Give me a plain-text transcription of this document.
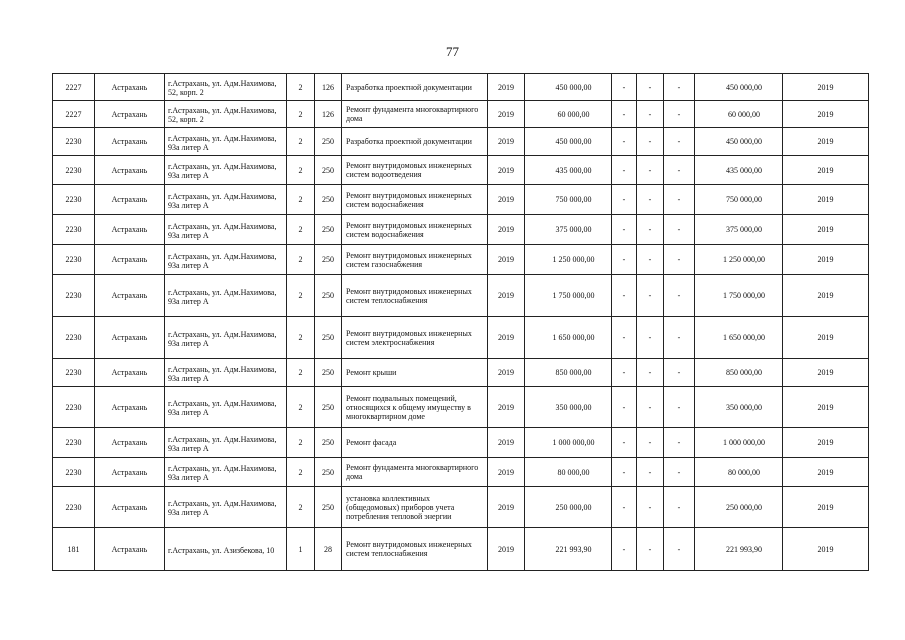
77
2227	Астрахань	г.Астрахань, ул. Адм.Нахимова, 52, корп. 2	2	126	Разработка проектной документации	2019	450 000,00	-	-	-	450 000,00	2019
2227	Астрахань	г.Астрахань, ул. Адм.Нахимова, 52, корп. 2	2	126	Ремонт фундамента многоквартирного дома	2019	60 000,00	-	-	-	60 000,00	2019
2230	Астрахань	г.Астрахань, ул. Адм.Нахимова, 93а литер А	2	250	Разработка проектной документации	2019	450 000,00	-	-	-	450 000,00	2019
2230	Астрахань	г.Астрахань, ул. Адм.Нахимова, 93а литер А	2	250	Ремонт внутридомовых инженерных систем водоотведения	2019	435 000,00	-	-	-	435 000,00	2019
2230	Астрахань	г.Астрахань, ул. Адм.Нахимова, 93а литер А	2	250	Ремонт внутридомовых инженерных систем водоснабжения	2019	750 000,00	-	-	-	750 000,00	2019
2230	Астрахань	г.Астрахань, ул. Адм.Нахимова, 93а литер А	2	250	Ремонт внутридомовых инженерных систем водоснабжения	2019	375 000,00	-	-	-	375 000,00	2019
2230	Астрахань	г.Астрахань, ул. Адм.Нахимова, 93а литер А	2	250	Ремонт внутридомовых инженерных систем газоснабжения	2019	1 250 000,00	-	-	-	1 250 000,00	2019
2230	Астрахань	г.Астрахань, ул. Адм.Нахимова, 93а литер А	2	250	Ремонт внутридомовых инженерных систем теплоснабжения	2019	1 750 000,00	-	-	-	1 750 000,00	2019
2230	Астрахань	г.Астрахань, ул. Адм.Нахимова, 93а литер А	2	250	Ремонт внутридомовых инженерных систем электроснабжения	2019	1 650 000,00	-	-	-	1 650 000,00	2019
2230	Астрахань	г.Астрахань, ул. Адм.Нахимова, 93а литер А	2	250	Ремонт крыши	2019	850 000,00	-	-	-	850 000,00	2019
2230	Астрахань	г.Астрахань, ул. Адм.Нахимова, 93а литер А	2	250	Ремонт подвальных помещений, относящихся к общему имуществу в многоквартирном доме	2019	350 000,00	-	-	-	350 000,00	2019
2230	Астрахань	г.Астрахань, ул. Адм.Нахимова, 93а литер А	2	250	Ремонт фасада	2019	1 000 000,00	-	-	-	1 000 000,00	2019
2230	Астрахань	г.Астрахань, ул. Адм.Нахимова, 93а литер А	2	250	Ремонт фундамента многоквартирного дома	2019	80 000,00	-	-	-	80 000,00	2019
2230	Астрахань	г.Астрахань, ул. Адм.Нахимова, 93а литер А	2	250	установка коллективных (общедомовых) приборов учета потребления тепловой энергии	2019	250 000,00	-	-	-	250 000,00	2019
181	Астрахань	г.Астрахань, ул. Азизбекова, 10	1	28	Ремонт внутридомовых инженерных систем теплоснабжения	2019	221 993,90	-	-	-	221 993,90	2019
